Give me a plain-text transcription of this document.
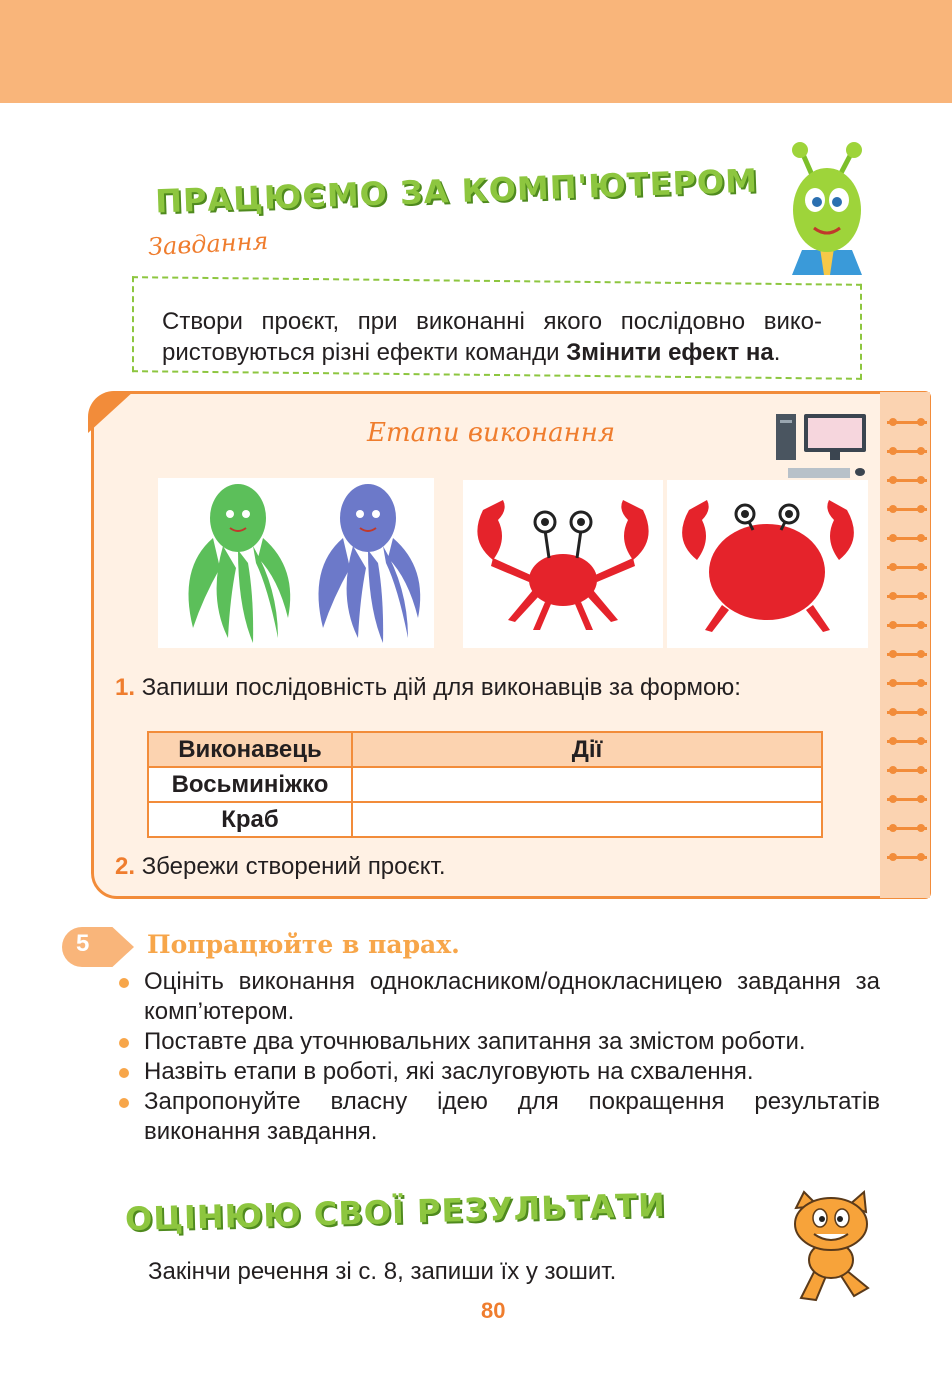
ПРАЦЮЄМО ЗА КОМП'ЮТЕРОМ
Завдання

Створи проєкт, при виконанні якого послідовно вико-ристовуються різні ефекти команди Змінити ефект на.

Етапи виконання
1. Запиши послідовність дій для виконавців за формою:
Виконавець	Дії
Восьминіжко	
Краб	
2. Збережи створений проєкт.
5 Попрацюйте в парах.
Оцініть виконання однокласником/однокласницею завдання за комп’ютером.
Поставте два уточнювальних запитання за змістом роботи.
Назвіть етапи в роботі, які заслуговують на схвалення.
Запропонуйте власну ідею для покращення результатів виконання завдання.
ОЦІНЮЮ СВОЇ РЕЗУЛЬТАТИ
Закінчи речення зі с. 8, запиши їх у зошит.
80
